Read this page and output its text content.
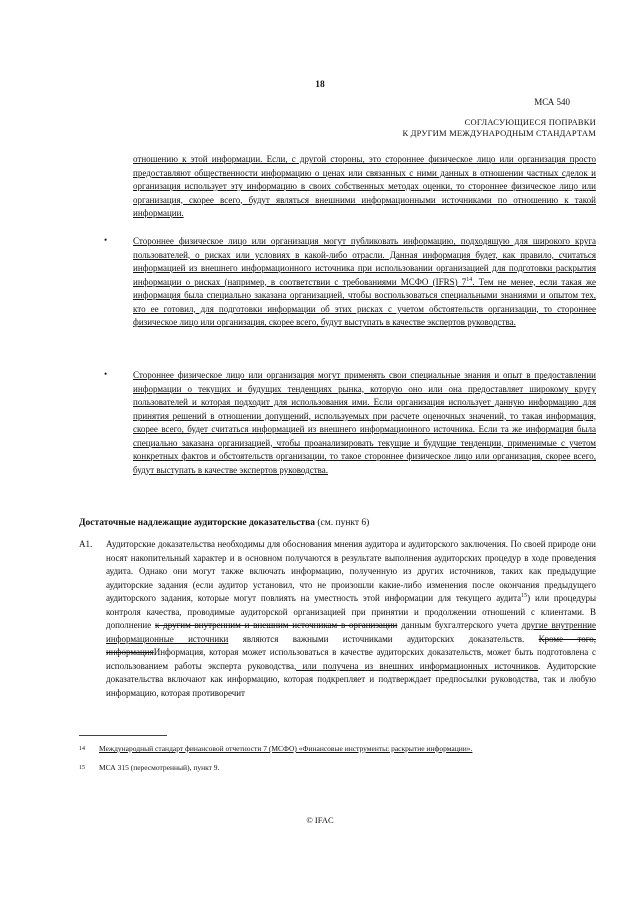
18
МСА 540
СОГЛАСУЮЩИЕСЯ ПОПРАВКИ
К ДРУГИМ МЕЖДУНАРОДНЫМ СТАНДАРТАМ
отношению к этой информации. Если, с другой стороны, это стороннее физическое лицо или организация просто предоставляют общественности информацию о ценах или связанных с ними данных в отношении частных сделок и организация использует эту информацию в своих собственных методах оценки, то стороннее физическое лицо или организация, скорее всего, будут являться внешними информационными источниками по отношению к такой информации.
•	Стороннее физическое лицо или организация могут публиковать информацию, подходящую для широкого круга пользователей, о рисках или условиях в какой-либо отрасли. Данная информация будет, как правило, считаться информацией из внешнего информационного источника при использовании организацией для подготовки раскрытия информации о рисках (например, в соответствии с требованиями МСФО (IFRS) $7^{14}$. Тем не менее, если такая же информация была специально заказана организацией, чтобы воспользоваться специальными знаниями и опытом тех, кто ее готовил, для подготовки информации об этих рисках с учетом обстоятельств организации, то стороннее физическое лицо или организация, скорее всего, будут выступать в качестве экспертов руководства.
•	Стороннее физическое лицо или организация могут применять свои специальные знания и опыт в предоставлении информации о текущих и будущих тенденциях рынка, которую оно или она предоставляет широкому кругу пользователей и которая подходит для использования ими. Если организация использует данную информацию для принятия решений в отношении допущений, используемых при расчете оценочных значений, то такая информация, скорее всего, будет считаться информацией из внешнего информационного источника. Если та же информация была специально заказана организацией, чтобы проанализировать текущие и будущие тенденции, применимые с учетом конкретных фактов и обстоятельств организации, то такое стороннее физическое лицо или организация, скорее всего, будут выступать в качестве экспертов руководства.
Достаточные надлежащие аудиторские доказательства (см. пункт 6)
A1. Аудиторские доказательства необходимы для обоснования мнения аудитора и аудиторского заключения. По своей природе они носят накопительный характер и в основном получаются в результате выполнения аудиторских процедур в ходе проведения аудита. Однако они могут также включать информацию, полученную из других источников, таких как предыдущие аудиторские задания (если аудитор установил, что не произошли какие-либо изменения после окончания предыдущего аудиторского задания, которые могут повлиять на уместность этой информации для текущего аудита$^{15}$) или процедуры контроля качества, проводимые аудиторской организацией при принятии и продолжении отношений с клиентами. В дополнение к другим внутренним и внешним источникам в организации данным бухгалтерского учета другие внутренние информационные источники являются важными источниками аудиторских доказательств. Кроме того, информацияИнформация, которая может использоваться в качестве аудиторских доказательств, может быть подготовлена с использованием работы эксперта руководства, или получена из внешних информационных источников. Аудиторские доказательства включают как информацию, которая подкрепляет и подтверждает предпосылки руководства, так и любую информацию, которая противоречит
14 Международный стандарт финансовой отчетности 7 (МСФО) «Финансовые инструменты: раскрытие информации».
15 МСА 315 (пересмотренный), пункт 9.
© IFAC
